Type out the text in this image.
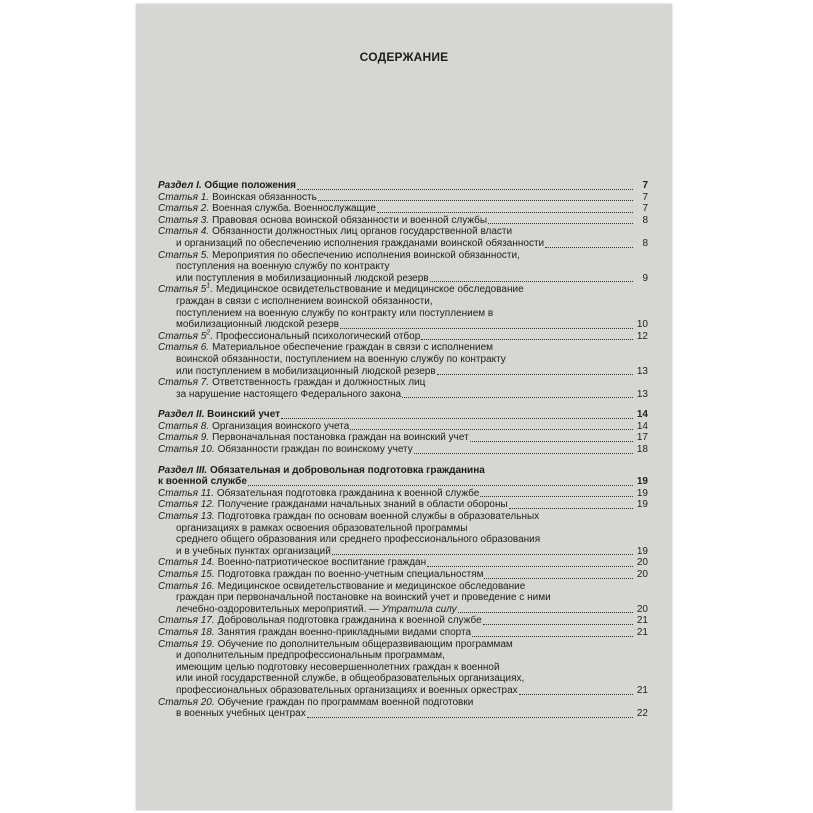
СОДЕРЖАНИЕ
Раздел I. Общие положения	7
Статья 1. Воинская обязанность	7
Статья 2. Военная служба. Военнослужащие	7
Статья 3. Правовая основа воинской обязанности и военной службы	8
Статья 4. Обязанности должностных лиц органов государственной власти
и организаций по обеспечению исполнения гражданами воинской обязанности	8
Статья 5. Мероприятия по обеспечению исполнения воинской обязанности,
поступления на военную службу по контракту
или поступления в мобилизационный людской резерв	9
Статья $5^1$. Медицинское освидетельствование и медицинское обследование
граждан в связи с исполнением воинской обязанности,
поступлением на военную службу по контракту или поступлением в
мобилизационный людской резерв	10
Статья $5^2$. Профессиональный психологический отбор	12
Статья 6. Материальное обеспечение граждан в связи с исполнением
воинской обязанности, поступлением на военную службу по контракту
или поступлением в мобилизационный людской резерв	13
Статья 7. Ответственность граждан и должностных лиц
за нарушение настоящего Федерального закона	13
Раздел II. Воинский учет	14
Статья 8. Организация воинского учета	14
Статья 9. Первоначальная постановка граждан на воинский учет	17
Статья 10. Обязанности граждан по воинскому учету	18
Раздел III. Обязательная и добровольная подготовка гражданина
к военной службе	19
Статья 11. Обязательная подготовка гражданина к военной службе	19
Статья 12. Получение гражданами начальных знаний в области обороны	19
Статья 13. Подготовка граждан по основам военной службы в образовательных
организациях в рамках освоения образовательной программы
среднего общего образования или среднего профессионального образования
и в учебных пунктах организаций	19
Статья 14. Военно-патриотическое воспитание граждан	20
Статья 15. Подготовка граждан по военно-учетным специальностям	20
Статья 16. Медицинское освидетельствование и медицинское обследование
граждан при первоначальной постановке на воинский учет и проведение с ними
лечебно-оздоровительных мероприятий. — Утратила силу	20
Статья 17. Добровольная подготовка гражданина к военной службе	21
Статья 18. Занятия граждан военно-прикладными видами спорта	21
Статья 19. Обучение по дополнительным общеразвивающим программам
и дополнительным предпрофессиональным программам,
имеющим целью подготовку несовершеннолетних граждан к военной
или иной государственной службе, в общеобразовательных организациях,
профессиональных образовательных организациях и военных оркестрах	21
Статья 20. Обучение граждан по программам военной подготовки
в военных учебных центрах	22
